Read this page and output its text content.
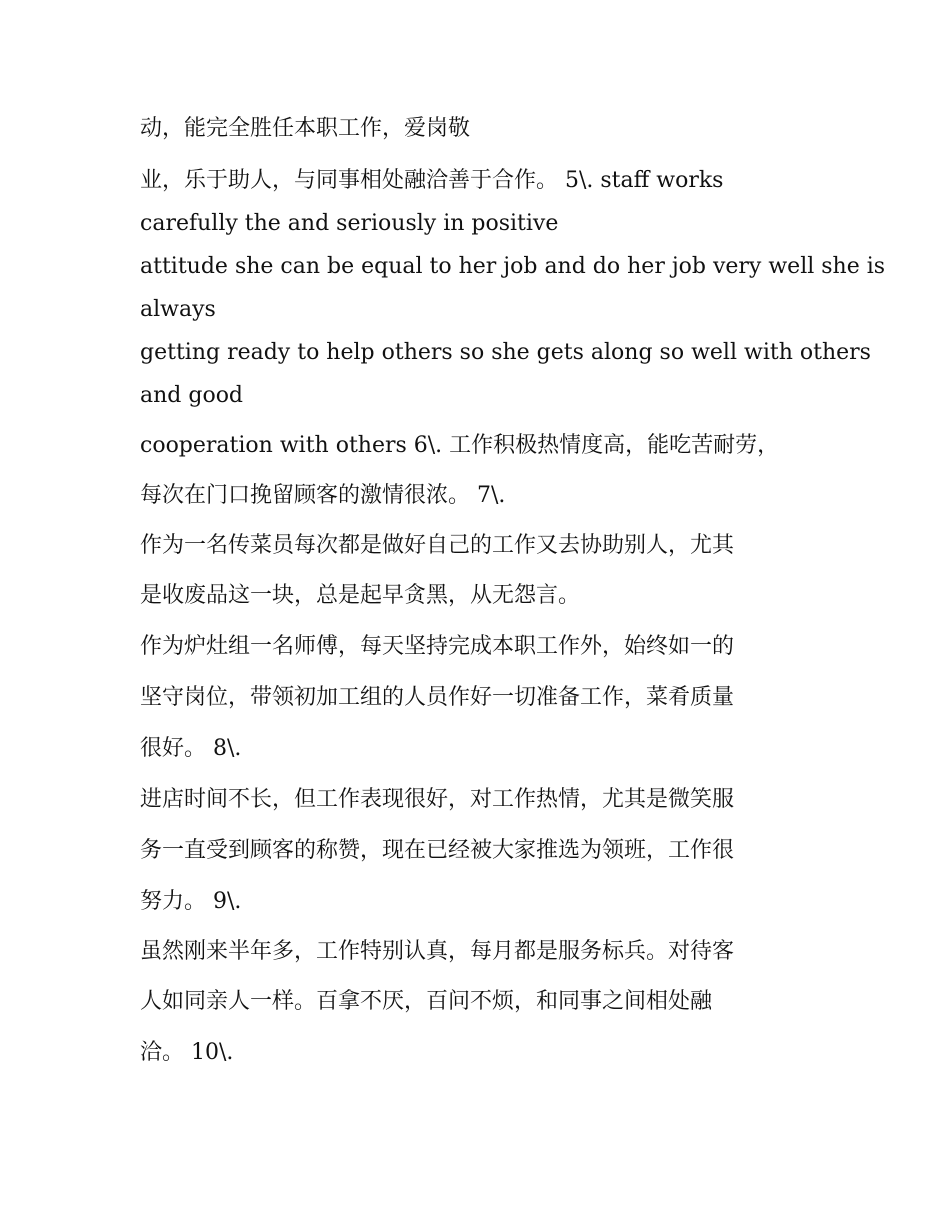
动，能完全胜任本职工作，爱岗敬
业，乐于助人，与同事相处融洽善于合作。 5\. staff works
carefully the and seriously in positive
attitude she can be equal to her job and do her job very well she is
always
getting ready to help others so she gets along so well with others
and good
cooperation with others 6\. 工作积极热情度高，能吃苦耐劳，
每次在门口挽留顾客的激情很浓。 7\.
作为一名传菜员每次都是做好自己的工作又去协助别人，尤其
是收废品这一块，总是起早贪黑，从无怨言。
作为炉灶组一名师傅，每天坚持完成本职工作外，始终如一的
坚守岗位，带领初加工组的人员作好一切准备工作，菜肴质量
很好。 8\.
进店时间不长，但工作表现很好，对工作热情，尤其是微笑服
务一直受到顾客的称赞，现在已经被大家推选为领班，工作很
努力。 9\.
虽然刚来半年多，工作特别认真，每月都是服务标兵。对待客
人如同亲人一样。百拿不厌，百问不烦，和同事之间相处融
洽。 10\.
